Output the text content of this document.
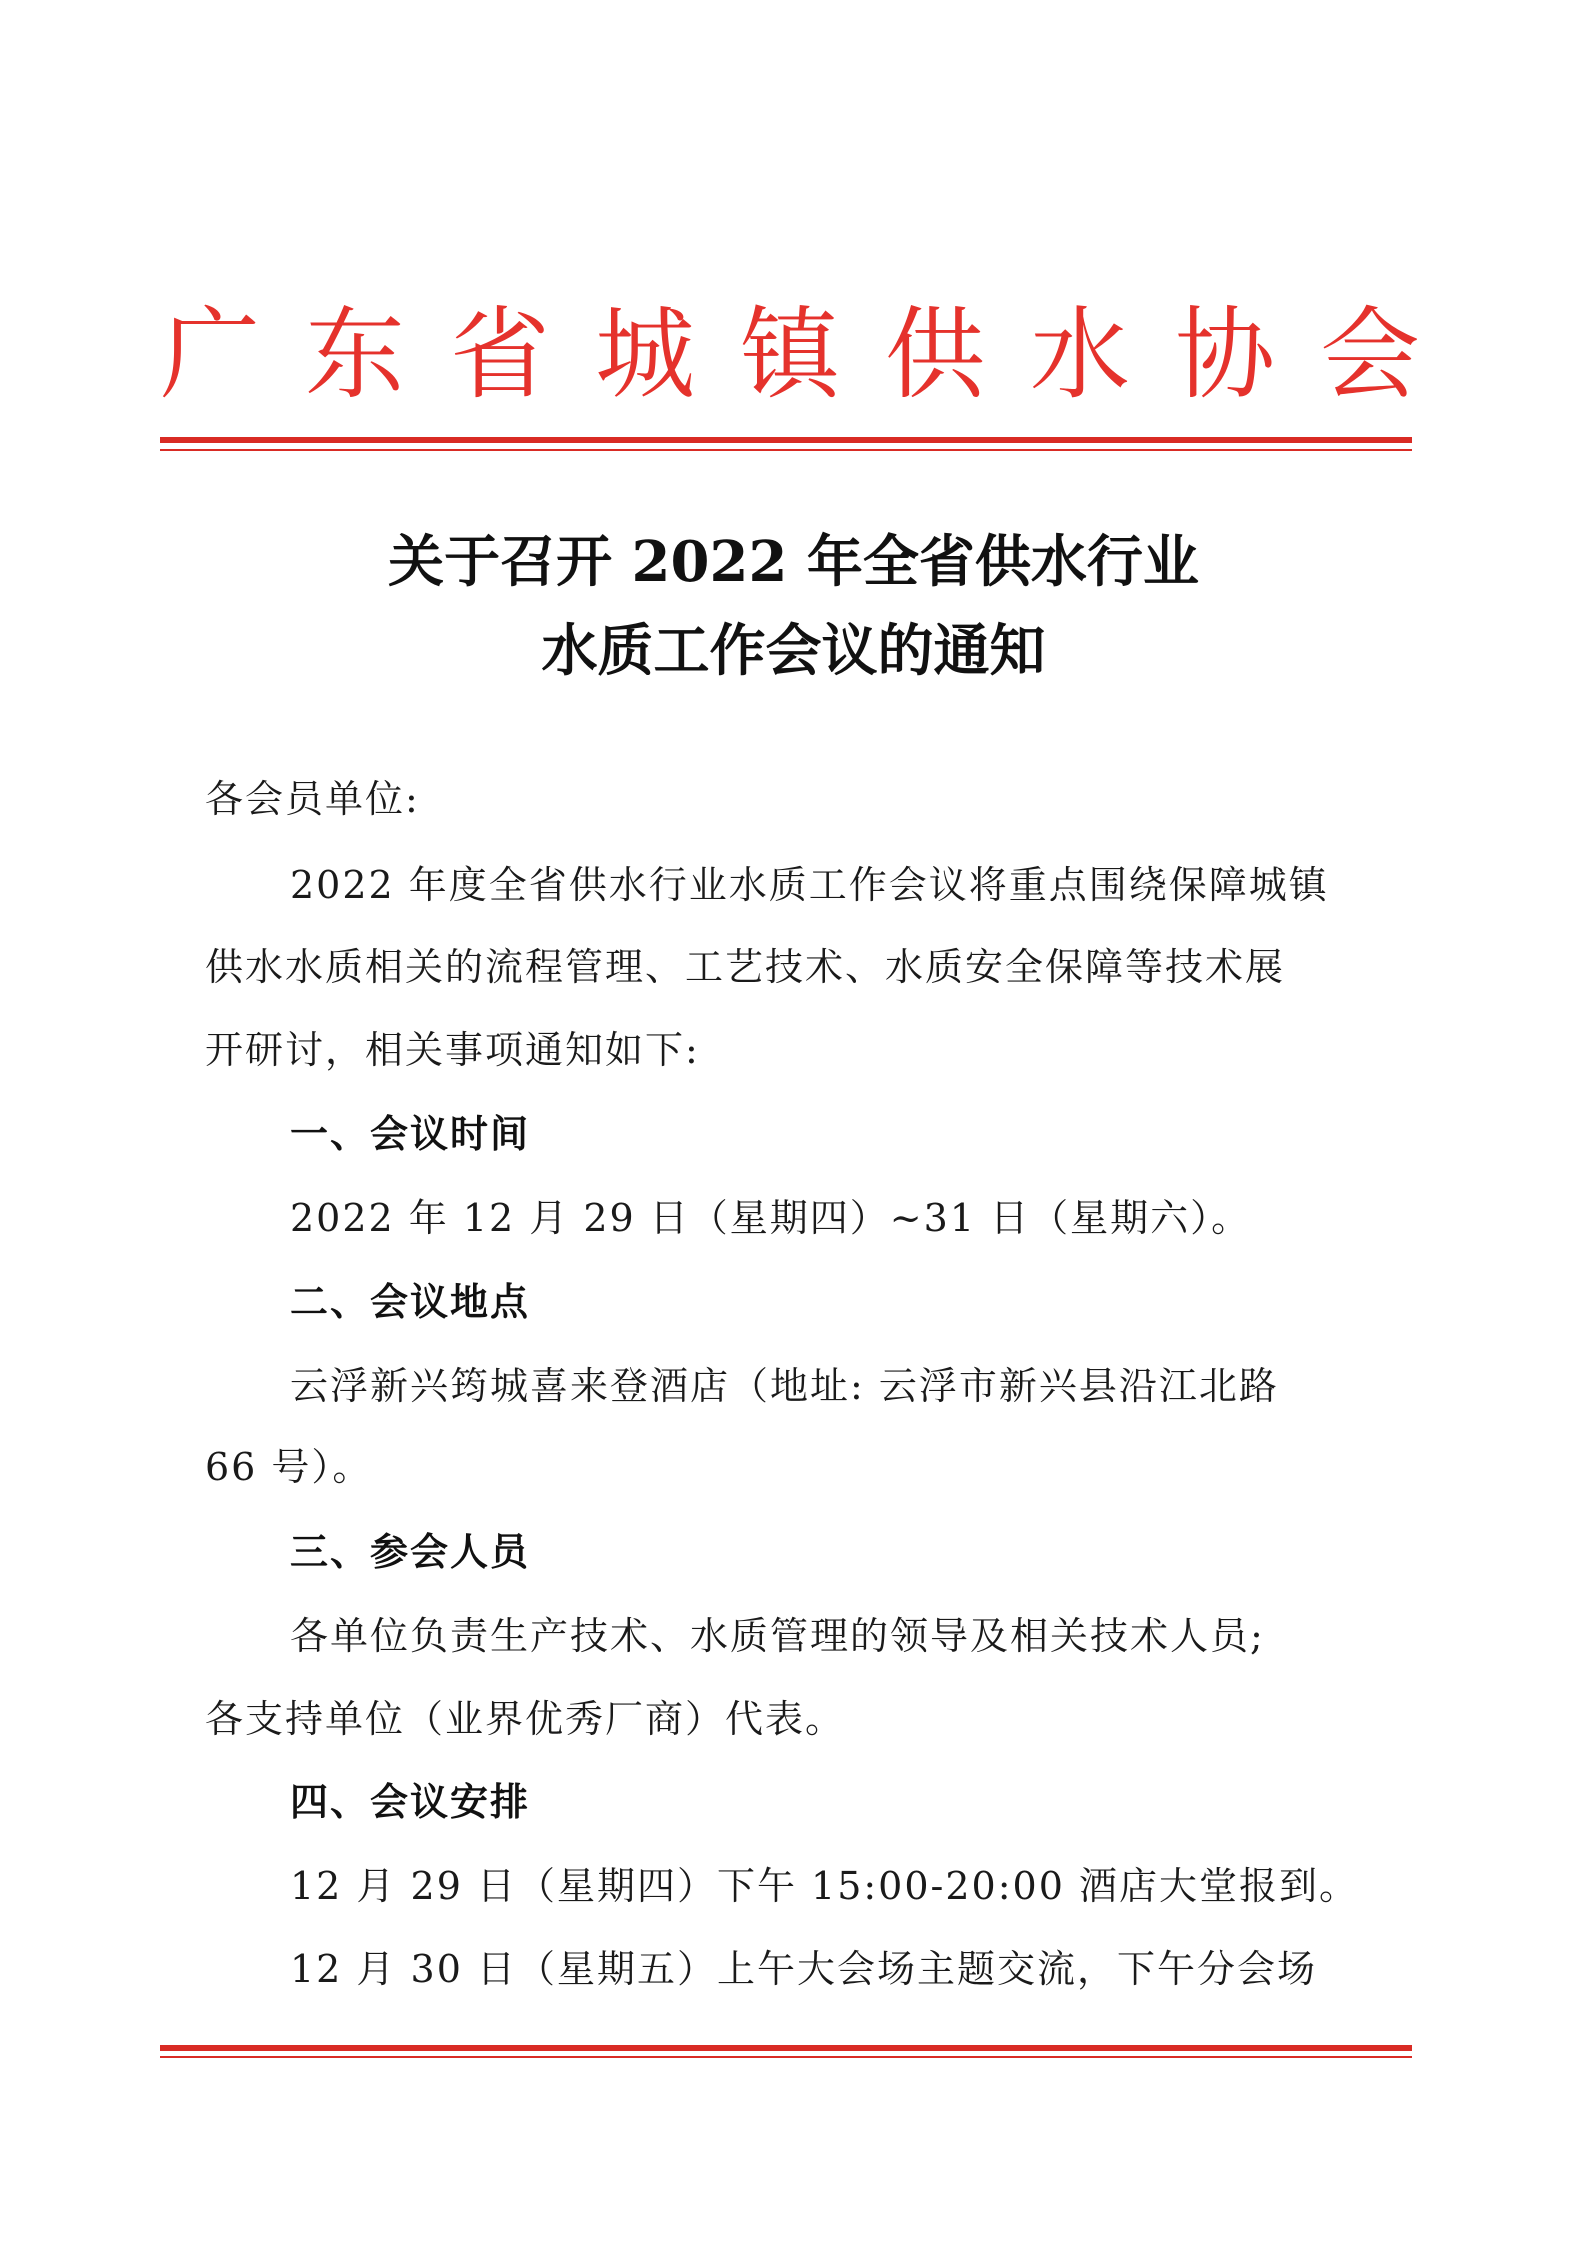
广 东 省 城 镇 供 水 协 会
关于召开 2022 年全省供水行业
水质工作会议的通知
各会员单位:
2022 年度全省供水行业水质工作会议将重点围绕保障城镇
供水水质相关的流程管理、工艺技术、水质安全保障等技术展
开研讨，相关事项通知如下:
一、会议时间
2022 年 12 月 29 日（星期四）~31 日（星期六）。
二、会议地点
云浮新兴筠城喜来登酒店（地址: 云浮市新兴县沿江北路
66 号）。
三、参会人员
各单位负责生产技术、水质管理的领导及相关技术人员;
各支持单位（业界优秀厂商）代表。
四、会议安排
12 月 29 日（星期四）下午 15:00-20:00 酒店大堂报到。
12 月 30 日（星期五）上午大会场主题交流，下午分会场
